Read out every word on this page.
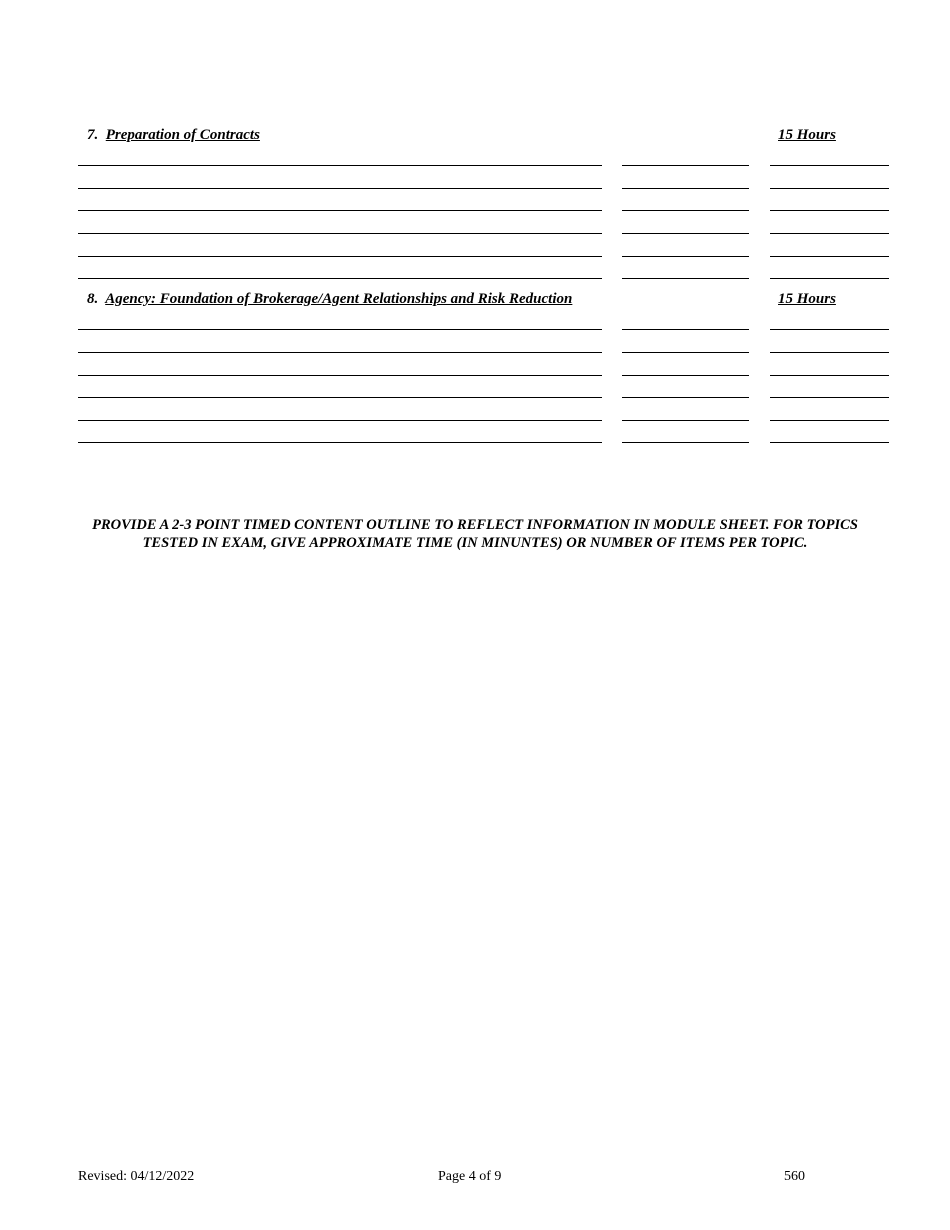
7. Preparation of Contracts	15 Hours
8. Agency: Foundation of Brokerage/Agent Relationships and Risk Reduction	15 Hours
PROVIDE A 2-3 POINT TIMED CONTENT OUTLINE TO REFLECT INFORMATION IN MODULE SHEET. FOR TOPICS TESTED IN EXAM, GIVE APPROXIMATE TIME (IN MINUNTES) OR NUMBER OF ITEMS PER TOPIC.
Revised: 04/12/2022	Page 4 of 9	560
